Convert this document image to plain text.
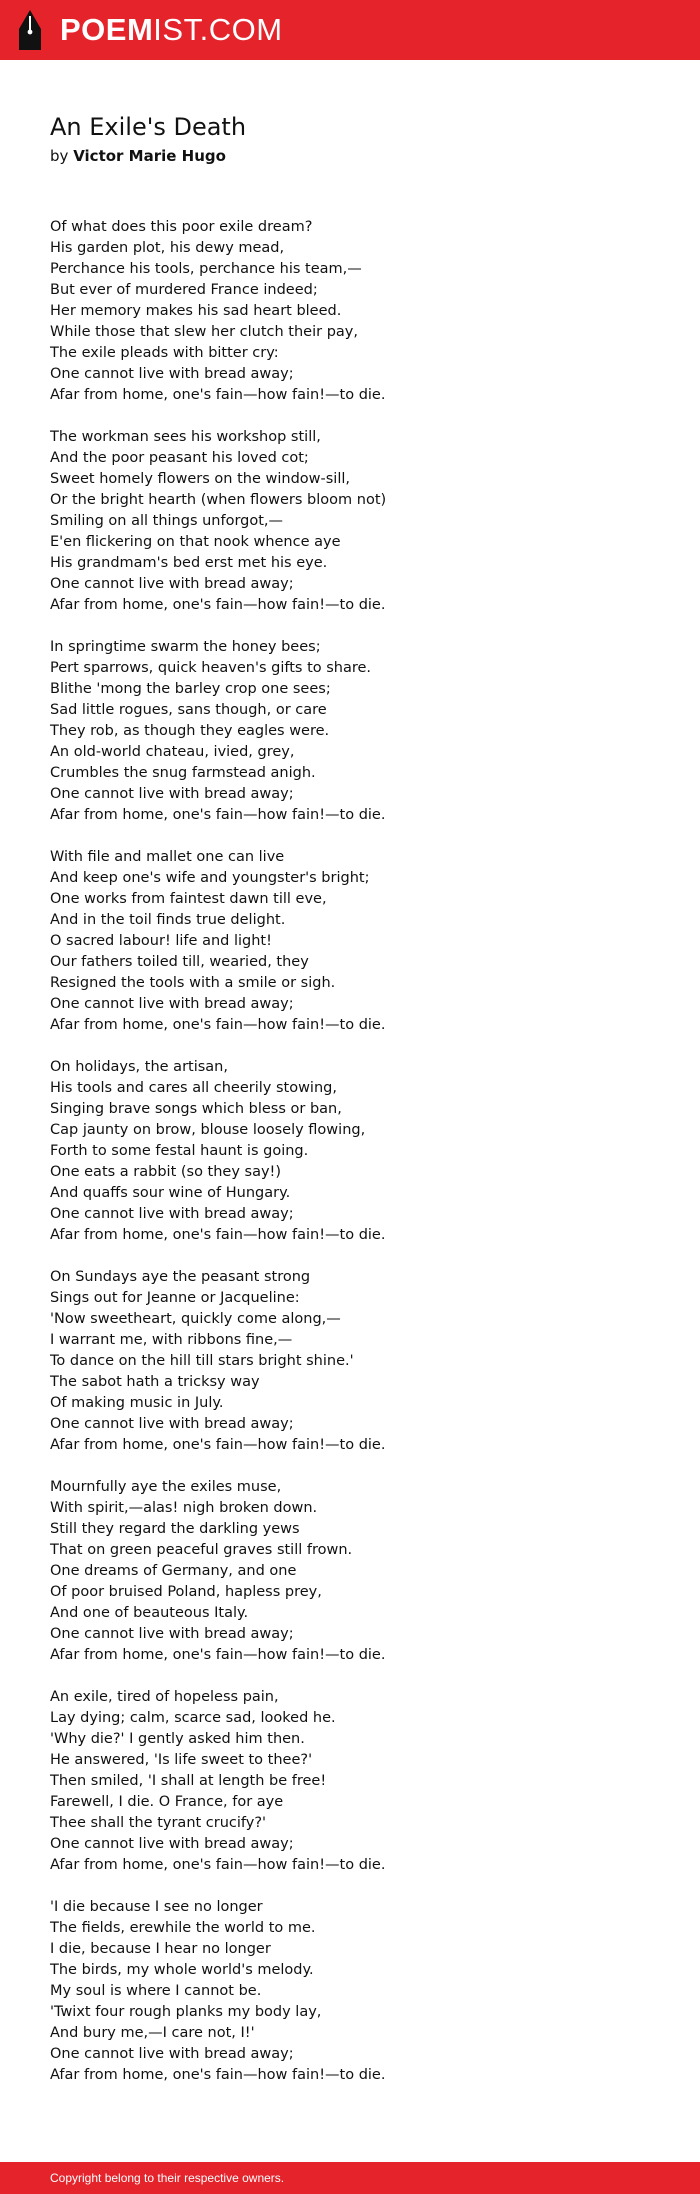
POEMIST.COM
An Exile's Death
by Victor Marie Hugo
Of what does this poor exile dream?
His garden plot, his dewy mead,
Perchance his tools, perchance his team,—
But ever of murdered France indeed;
Her memory makes his sad heart bleed.
While those that slew her clutch their pay,
The exile pleads with bitter cry:
One cannot live with bread away;
Afar from home, one's fain—how fain!—to die.
The workman sees his workshop still,
And the poor peasant his loved cot;
Sweet homely flowers on the window-sill,
Or the bright hearth (when flowers bloom not)
Smiling on all things unforgot,—
E'en flickering on that nook whence aye
His grandmam's bed erst met his eye.
One cannot live with bread away;
Afar from home, one's fain—how fain!—to die.
In springtime swarm the honey bees;
Pert sparrows, quick heaven's gifts to share.
Blithe 'mong the barley crop one sees;
Sad little rogues, sans though, or care
They rob, as though they eagles were.
An old-world chateau, ivied, grey,
Crumbles the snug farmstead anigh.
One cannot live with bread away;
Afar from home, one's fain—how fain!—to die.
With file and mallet one can live
And keep one's wife and youngster's bright;
One works from faintest dawn till eve,
And in the toil finds true delight.
O sacred labour! life and light!
Our fathers toiled till, wearied, they
Resigned the tools with a smile or sigh.
One cannot live with bread away;
Afar from home, one's fain—how fain!—to die.
On holidays, the artisan,
His tools and cares all cheerily stowing,
Singing brave songs which bless or ban,
Cap jaunty on brow, blouse loosely flowing,
Forth to some festal haunt is going.
One eats a rabbit (so they say!)
And quaffs sour wine of Hungary.
One cannot live with bread away;
Afar from home, one's fain—how fain!—to die.
On Sundays aye the peasant strong
Sings out for Jeanne or Jacqueline:
'Now sweetheart, quickly come along,—
I warrant me, with ribbons fine,—
To dance on the hill till stars bright shine.'
The sabot hath a tricksy way
Of making music in July.
One cannot live with bread away;
Afar from home, one's fain—how fain!—to die.
Mournfully aye the exiles muse,
With spirit,—alas! nigh broken down.
Still they regard the darkling yews
That on green peaceful graves still frown.
One dreams of Germany, and one
Of poor bruised Poland, hapless prey,
And one of beauteous Italy.
One cannot live with bread away;
Afar from home, one's fain—how fain!—to die.
An exile, tired of hopeless pain,
Lay dying; calm, scarce sad, looked he.
'Why die?' I gently asked him then.
He answered, 'Is life sweet to thee?'
Then smiled, 'I shall at length be free!
Farewell, I die. O France, for aye
Thee shall the tyrant crucify?'
One cannot live with bread away;
Afar from home, one's fain—how fain!—to die.
'I die because I see no longer
The fields, erewhile the world to me.
I die, because I hear no longer
The birds, my whole world's melody.
My soul is where I cannot be.
'Twixt four rough planks my body lay,
And bury me,—I care not, I!'
One cannot live with bread away;
Afar from home, one's fain—how fain!—to die.
Copyright belong to their respective owners.
